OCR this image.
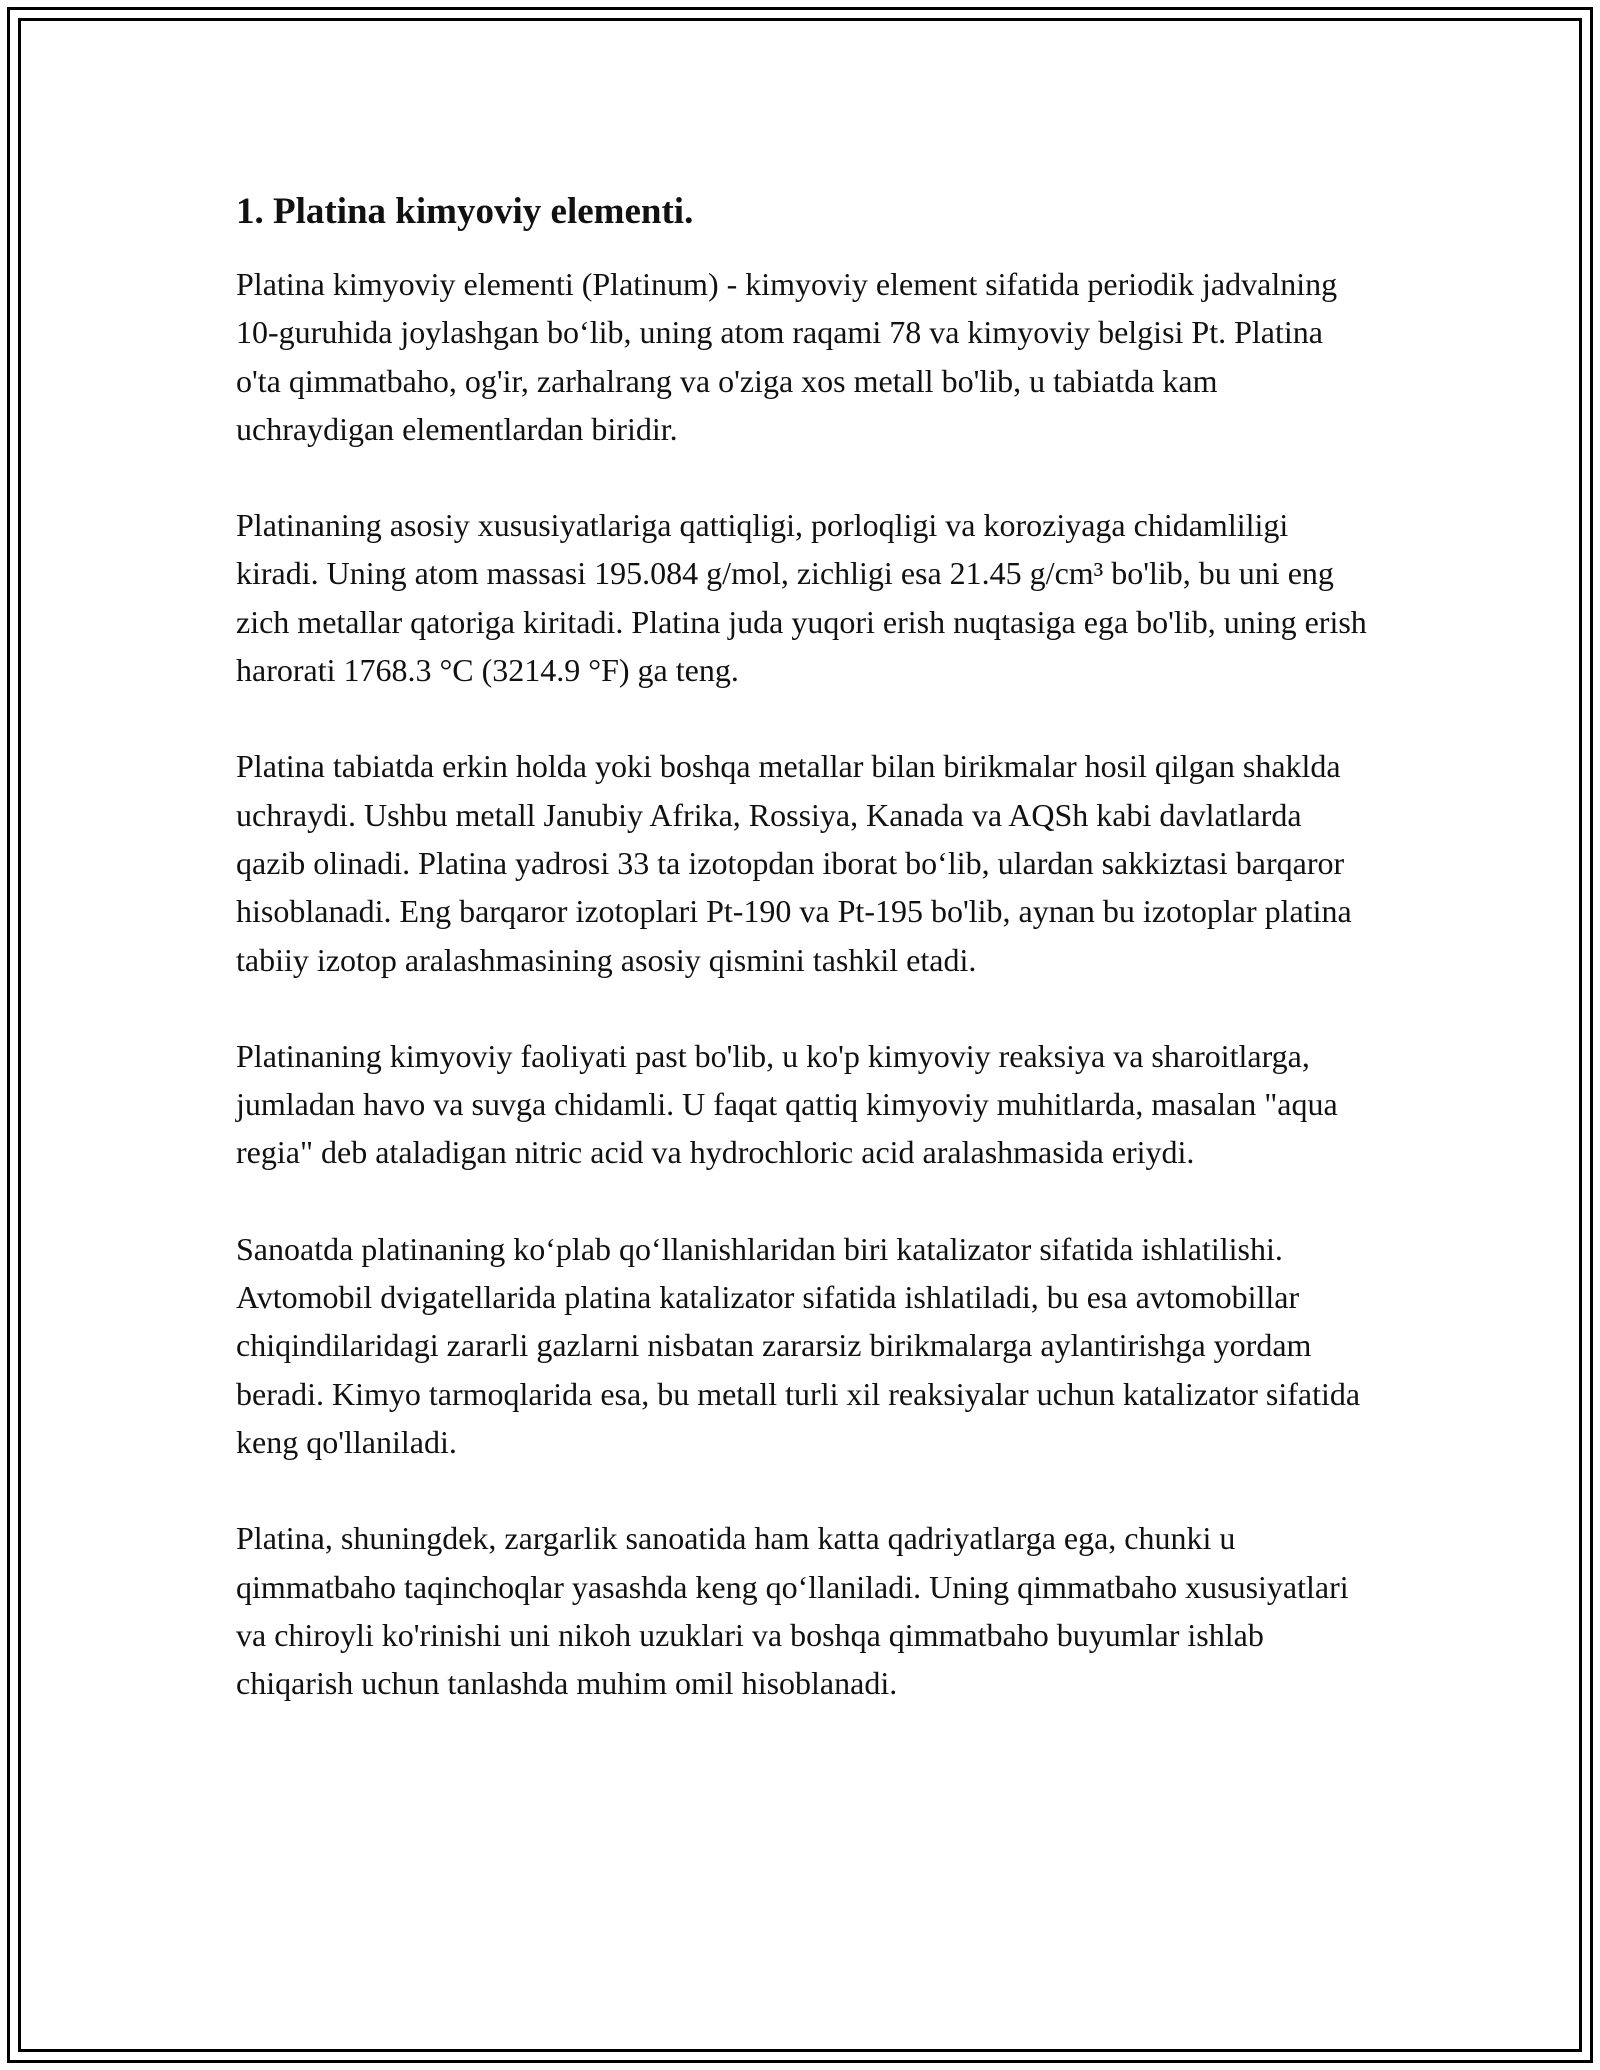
1. Platina kimyoviy elementi.

Platina kimyoviy elementi (Platinum) - kimyoviy element sifatida periodik jadvalning 10-guruhida joylashgan bo‘lib, uning atom raqami 78 va kimyoviy belgisi Pt. Platina o'ta qimmatbaho, og'ir, zarhalrang va o'ziga xos metall bo'lib, u tabiatda kam uchraydigan elementlardan biridir.

Platinaning asosiy xususiyatlariga qattiqligi, porloqligi va koroziyaga chidamliligi kiradi. Uning atom massasi 195.084 g/mol, zichligi esa 21.45 g/cm³ bo'lib, bu uni eng zich metallar qatoriga kiritadi. Platina juda yuqori erish nuqtasiga ega bo'lib, uning erish harorati 1768.3 °C (3214.9 °F) ga teng.

Platina tabiatda erkin holda yoki boshqa metallar bilan birikmalar hosil qilgan shaklda uchraydi. Ushbu metall Janubiy Afrika, Rossiya, Kanada va AQSh kabi davlatlarda qazib olinadi. Platina yadrosi 33 ta izotopdan iborat bo‘lib, ulardan sakkiztasi barqaror hisoblanadi. Eng barqaror izotoplari Pt-190 va Pt-195 bo'lib, aynan bu izotoplar platina tabiiy izotop aralashmasining asosiy qismini tashkil etadi.

Platinaning kimyoviy faoliyati past bo'lib, u ko'p kimyoviy reaksiya va sharoitlarga, jumladan havo va suvga chidamli. U faqat qattiq kimyoviy muhitlarda, masalan "aqua regia" deb ataladigan nitric acid va hydrochloric acid aralashmasida eriydi.

Sanoatda platinaning ko‘plab qo‘llanishlaridan biri katalizator sifatida ishlatilishi. Avtomobil dvigatellarida platina katalizator sifatida ishlatiladi, bu esa avtomobillar chiqindilaridagi zararli gazlarni nisbatan zararsiz birikmalarga aylantirishga yordam beradi. Kimyo tarmoqlarida esa, bu metall turli xil reaksiyalar uchun katalizator sifatida keng qo'llaniladi.

Platina, shuningdek, zargarlik sanoatida ham katta qadriyatlarga ega, chunki u qimmatbaho taqinchoqlar yasashda keng qo‘llaniladi. Uning qimmatbaho xususiyatlari va chiroyli ko'rinishi uni nikoh uzuklari va boshqa qimmatbaho buyumlar ishlab chiqarish uchun tanlashda muhim omil hisoblanadi.
